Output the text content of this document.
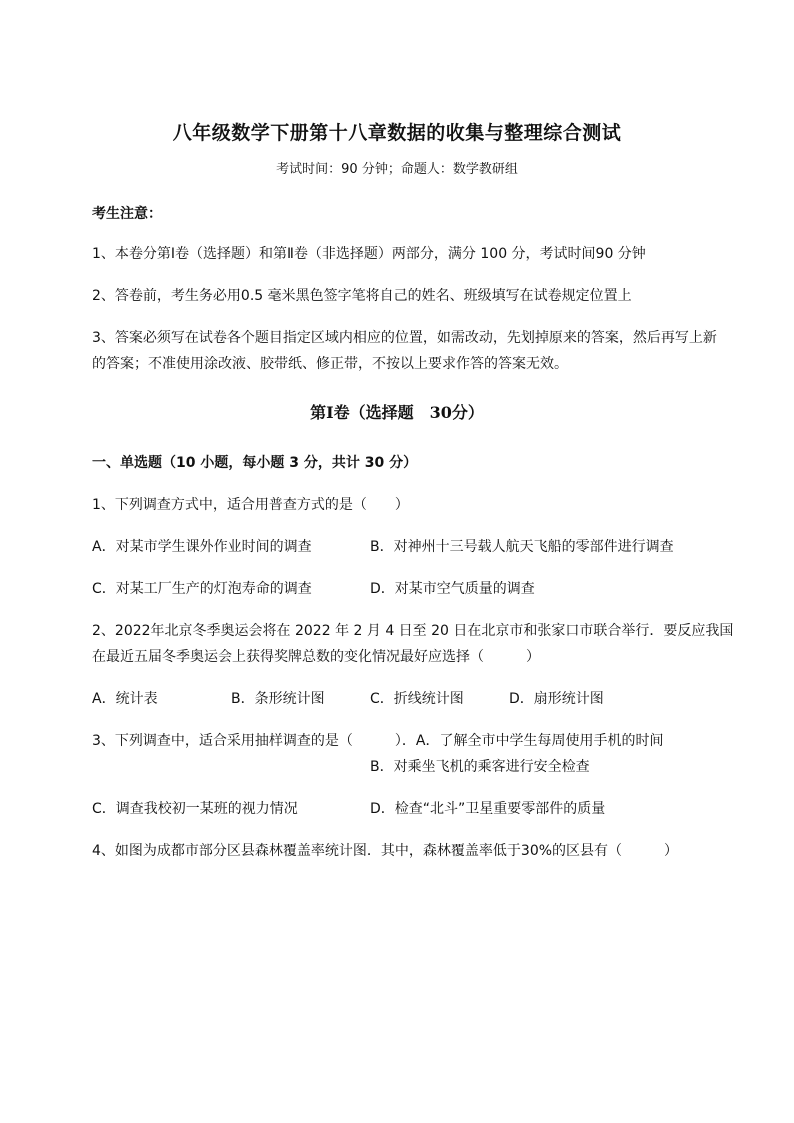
八年级数学下册第十八章数据的收集与整理综合测试
考试时间：90 分钟；命题人：数学教研组
考生注意：
1、本卷分第Ⅰ卷（选择题）和第Ⅱ卷（非选择题）两部分，满分 100 分，考试时间90 分钟
2、答卷前，考生务必用0.5 毫米黑色签字笔将自己的姓名、班级填写在试卷规定位置上
3、答案必须写在试卷各个题目指定区域内相应的位置，如需改动，先划掉原来的答案，然后再写上新
的答案；不准使用涂改液、胶带纸、修正带，不按以上要求作答的答案无效。
第Ⅰ卷（选择题　30分）
一、单选题（10 小题，每小题 3 分，共计 30 分）
1、下列调查方式中，适合用普查方式的是（　　）
A．对某市学生课外作业时间的调查	B．对神州十三号载人航天飞船的零部件进行调查
C．对某工厂生产的灯泡寿命的调查	D．对某市空气质量的调查
2、2022年北京冬季奥运会将在 2022 年 2 月 4 日至 20 日在北京市和张家口市联合举行．要反应我国
在最近五届冬季奥运会上获得奖牌总数的变化情况最好应选择（　　　）
A．统计表	B．条形统计图	C．折线统计图	D．扇形统计图
3、下列调查中，适合采用抽样调查的是（　　　）．A．了解全市中学生每周使用手机的时间
B．对乘坐飞机的乘客进行安全检查
C．调查我校初一某班的视力情况	D．检查“北斗”卫星重要零部件的质量
4、如图为成都市部分区县森林覆盖率统计图．其中，森林覆盖率低于30%的区县有（　　　）
